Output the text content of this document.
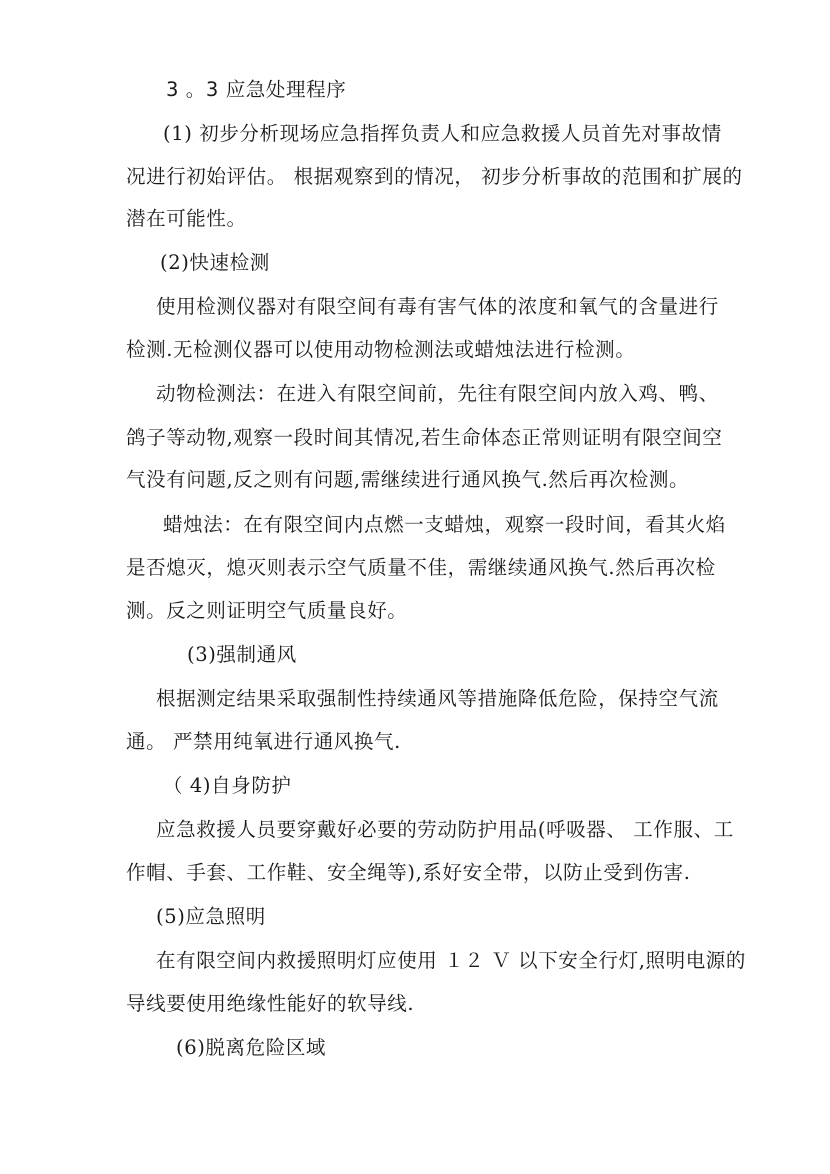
3 。3 应急处理程序
(1) 初步分析现场应急指挥负责人和应急救援人员首先对事故情
况进行初始评估。 根据观察到的情况， 初步分析事故的范围和扩展的
潜在可能性。
(2)快速检测
使用检测仪器对有限空间有毒有害气体的浓度和氧气的含量进行
检测.无检测仪器可以使用动物检测法或蜡烛法进行检测。
动物检测法：在进入有限空间前，先往有限空间内放入鸡、鸭、
鸽子等动物,观察一段时间其情况,若生命体态正常则证明有限空间空
气没有问题,反之则有问题,需继续进行通风换气.然后再次检测。
蜡烛法：在有限空间内点燃一支蜡烛，观察一段时间，看其火焰
是否熄灭，熄灭则表示空气质量不佳，需继续通风换气.然后再次检
测。反之则证明空气质量良好。
(3)强制通风
根据测定结果采取强制性持续通风等措施降低危险，保持空气流
通。 严禁用纯氧进行通风换气.
（ 4)自身防护
应急救援人员要穿戴好必要的劳动防护用品(呼吸器、 工作服、工
作帽、手套、工作鞋、安全绳等),系好安全带，以防止受到伤害.
(5)应急照明
在有限空间内救援照明灯应使用 １２ Ｖ 以下安全行灯,照明电源的
导线要使用绝缘性能好的软导线.
(6)脱离危险区域
